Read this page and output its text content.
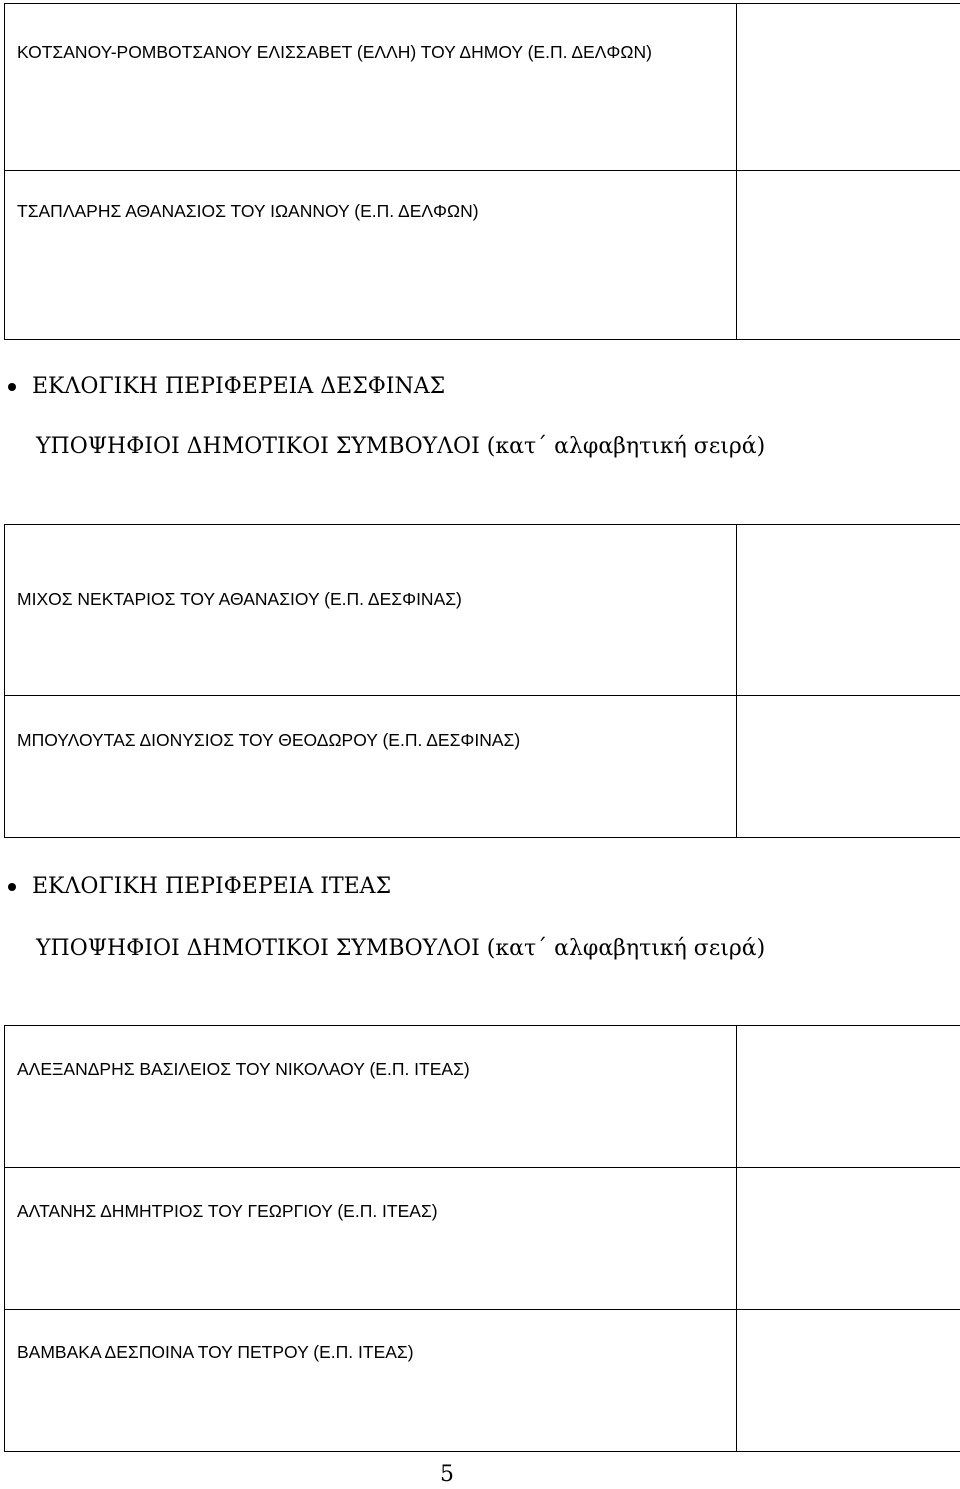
ΚΟΤΣΑΝΟΥ-ΡΟΜΒΟΤΣΑΝΟΥ ΕΛΙΣΣΑΒΕΤ (ΕΛΛΗ) ΤΟΥ ΔΗΜΟΥ (Ε.Π. ΔΕΛΦΩΝ)	
ΤΣΑΠΛΑΡΗΣ ΑΘΑΝΑΣΙΟΣ ΤΟΥ ΙΩΑΝΝΟΥ (Ε.Π. ΔΕΛΦΩΝ)	
ΕΚΛΟΓΙΚΗ ΠΕΡΙΦΕΡΕΙΑ ΔΕΣΦΙΝΑΣ
ΥΠΟΨΗΦΙΟΙ ΔΗΜΟΤΙΚΟΙ ΣΥΜΒΟΥΛΟΙ (κατ΄ αλφαβητική σειρά)
ΜΙΧΟΣ ΝΕΚΤΑΡΙΟΣ ΤΟΥ ΑΘΑΝΑΣΙΟΥ (Ε.Π. ΔΕΣΦΙΝΑΣ)	
ΜΠΟΥΛΟΥΤΑΣ ΔΙΟΝΥΣΙΟΣ ΤΟΥ ΘΕΟΔΩΡΟΥ (Ε.Π. ΔΕΣΦΙΝΑΣ)	
ΕΚΛΟΓΙΚΗ ΠΕΡΙΦΕΡΕΙΑ ΙΤΕΑΣ
ΥΠΟΨΗΦΙΟΙ ΔΗΜΟΤΙΚΟΙ ΣΥΜΒΟΥΛΟΙ (κατ΄ αλφαβητική σειρά)
ΑΛΕΞΑΝΔΡΗΣ ΒΑΣΙΛΕΙΟΣ ΤΟΥ ΝΙΚΟΛΑΟΥ (Ε.Π. ΙΤΕΑΣ)	
ΑΛΤΑΝΗΣ ΔΗΜΗΤΡΙΟΣ ΤΟΥ ΓΕΩΡΓΙΟΥ (Ε.Π. ΙΤΕΑΣ)	
ΒΑΜΒΑΚΑ ΔΕΣΠΟΙΝΑ ΤΟΥ ΠΕΤΡΟΥ (Ε.Π. ΙΤΕΑΣ)	
5
